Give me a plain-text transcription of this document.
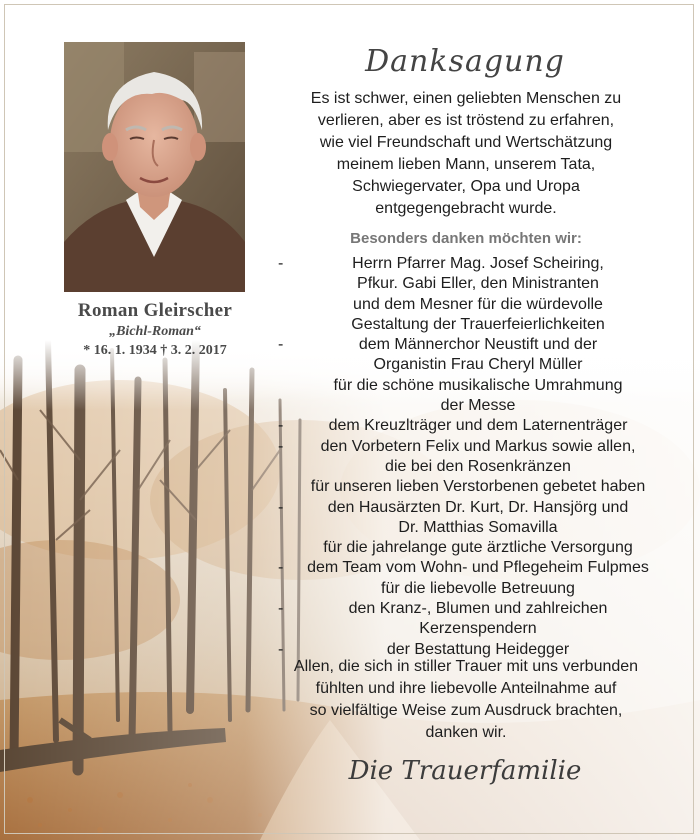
Roman Gleirscher
„Bichl-Roman“
* 16. 1. 1934 † 3. 2. 2017
Danksagung
Es ist schwer, einen geliebten Menschen zu
verlieren, aber es ist tröstend zu erfahren,
wie viel Freundschaft und Wertschätzung
meinem lieben Mann, unserem Tata,
Schwiegervater, Opa und Uropa
entgegengebracht wurde.
Besonders danken möchten wir:
-	Herrn Pfarrer Mag. Josef Scheiring,
Pfkur. Gabi Eller, den Ministranten
und dem Mesner für die würdevolle
Gestaltung der Trauerfeierlichkeiten
-	dem Männerchor Neustift und der
Organistin Frau Cheryl Müller
für die schöne musikalische Umrahmung
der Messe
-	dem Kreuzlträger und dem Laternenträger
-	den Vorbetern Felix und Markus sowie allen,
die bei den Rosenkränzen
für unseren lieben Verstorbenen gebetet haben
-	den Hausärzten Dr. Kurt, Dr. Hansjörg und
Dr. Matthias Somavilla
für die jahrelange gute ärztliche Versorgung
-	dem Team vom Wohn- und Pflegeheim Fulpmes
für die liebevolle Betreuung
-	den Kranz-, Blumen und zahlreichen
Kerzenspendern
-	der Bestattung Heidegger
Allen, die sich in stiller Trauer mit uns verbunden
fühlten und ihre liebevolle Anteilnahme auf
so vielfältige Weise zum Ausdruck brachten,
danken wir.
Die Trauerfamilie
